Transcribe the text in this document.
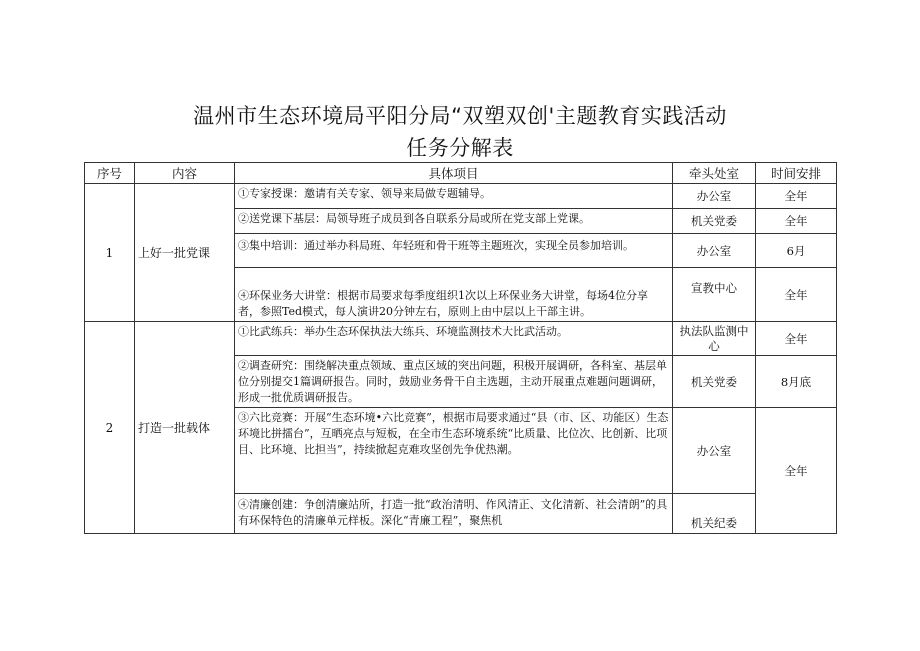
温州市生态环境局平阳分局“双塑双创'主题教育实践活动
任务分解表
序号	内容	具体项目	牵头处室	时间安排
1	上好一批党课	①专家授课：邀请有关专家、领导来局做专题辅导。	办公室	全年
		②送党课下基层：局领导班子成员到各自联系分局或所在党支部上党课。	机关党委	全年
		③集中培训：通过举办科局班、年轻班和骨干班等主题班次，实现全员参加培训。	办公室	6月
		④环保业务大讲堂：根据市局要求每季度组织1次以上环保业务大讲堂，每场4位分享者，参照Ted模式，每人演讲20分钟左右，原则上由中层以上干部主讲。	宣教中心	全年
2	打造一批载体	①比武练兵：举办生态环保执法大练兵、环境监测技术大比武活动。	执法队监测中心	全年
		②调查研究：围绕解决重点领域、重点区域的突出问题，积极开展调研，各科室、基层单位分别提交1篇调研报告。同时，鼓励业务骨干自主选题，主动开展重点难题问题调研，形成一批优质调研报告。	机关党委	8月底
		③六比竞赛：开展“生态环境•六比竞赛”，根据市局要求通过“县（市、区、功能区）生态环境比拼擂台”，互晒亮点与短板，在全市生态环境系统“比质量、比位次、比创新、比项目、比环境、比担当”，持续掀起克难攻坚创先争优热潮。	办公室	全年
		④清廉创建：争创清廉站所，打造一批“政治清明、作风清正、文化清新、社会清朗”的具有环保特色的清廉单元样板。深化“青廉工程”，聚焦机	机关纪委	
